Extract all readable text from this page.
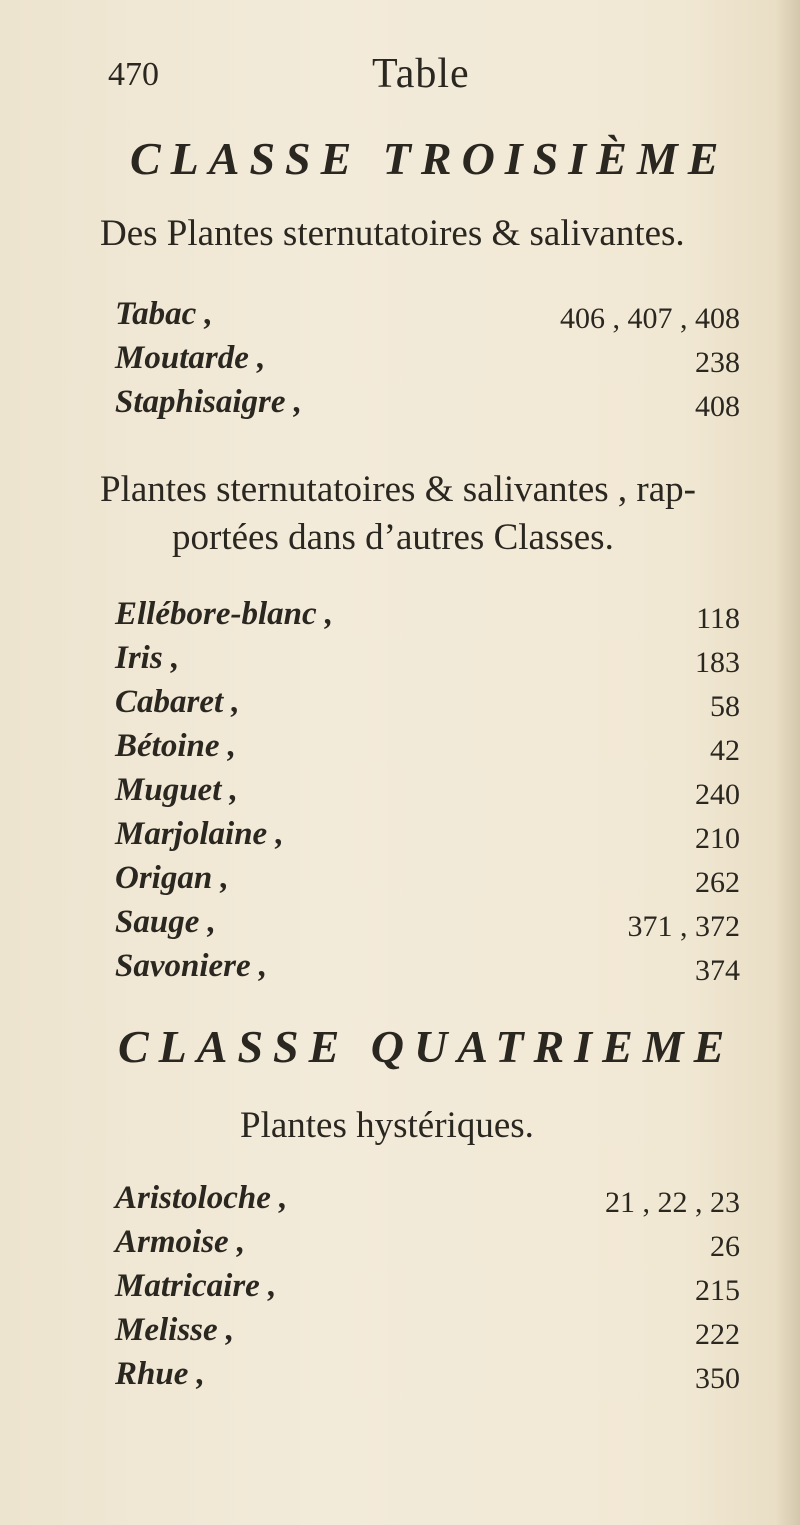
470	Table
CLASSE TROISIÈME
Des Plantes sternutatoires & salivantes.
Tabac ,	406 , 407 , 408
Moutarde ,	238
Staphisaigre ,	408
Plantes sternutatoires & salivantes , rap-
portées dans d’autres Classes.
Ellébore-blanc ,	118
Iris ,	183
Cabaret ,	58
Bétoine ,	42
Muguet ,	240
Marjolaine ,	210
Origan ,	262
Sauge ,	371 , 372
Savoniere ,	374
CLASSE QUATRIEME
Plantes hystériques.
Aristoloche ,	21 , 22 , 23
Armoise ,	26
Matricaire ,	215
Melisse ,	222
Rhue ,	350
